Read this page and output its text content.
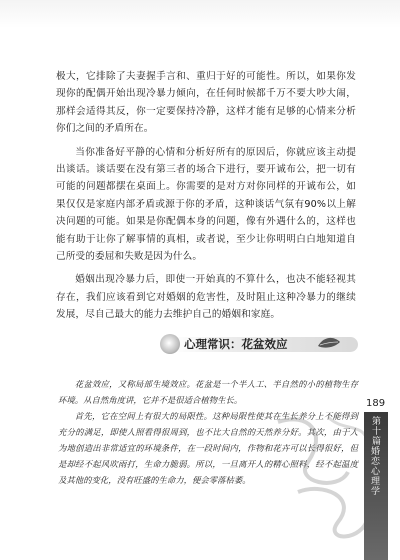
极大，它排除了夫妻握手言和、重归于好的可能性。所以，如果你发现你的配偶开始出现冷暴力倾向，在任何时候都千万不要大吵大闹，那样会适得其反，你一定要保持冷静，这样才能有足够的心情来分析你们之间的矛盾所在。

当你准备好平静的心情和分析好所有的原因后，你就应该主动提出谈话。谈话要在没有第三者的场合下进行，要开诚布公，把一切有可能的问题都摆在桌面上。你需要的是对方对你同样的开诚布公，如果仅仅是家庭内部矛盾或源于你的矛盾，这种谈话气氛有90%以上解决问题的可能。如果是你配偶本身的问题，像有外遇什么的，这样也能有助于让你了解事情的真相，或者说，至少让你明明白白地知道自己所受的委屈和失败是因为什么。

婚姻出现冷暴力后，即使一开始真的不算什么，也决不能轻视其存在，我们应该看到它对婚姻的危害性，及时阻止这种冷暴力的继续发展，尽自己最大的能力去维护自己的婚姻和家庭。

心理常识：花盆效应

花盆效应，又称局部生境效应。花盆是一个半人工、半自然的小的植物生存环境。从自然角度讲，它并不是很适合植物生长。

首先，它在空间上有很大的局限性。这种局限性使其在生长养分上不能得到充分的满足，即使人照看得很周到，也不比大自然的天然养分好。其次，由于人为地创造出非常适宜的环境条件，在一段时间内，作物和花卉可以长得很好，但是却经不起风吹雨打，生命力脆弱。所以，一旦离开人的精心照料，经不起温度及其他的变化，没有旺盛的生命力，便会零落枯萎。

189
第十篇
婚恋心理学
